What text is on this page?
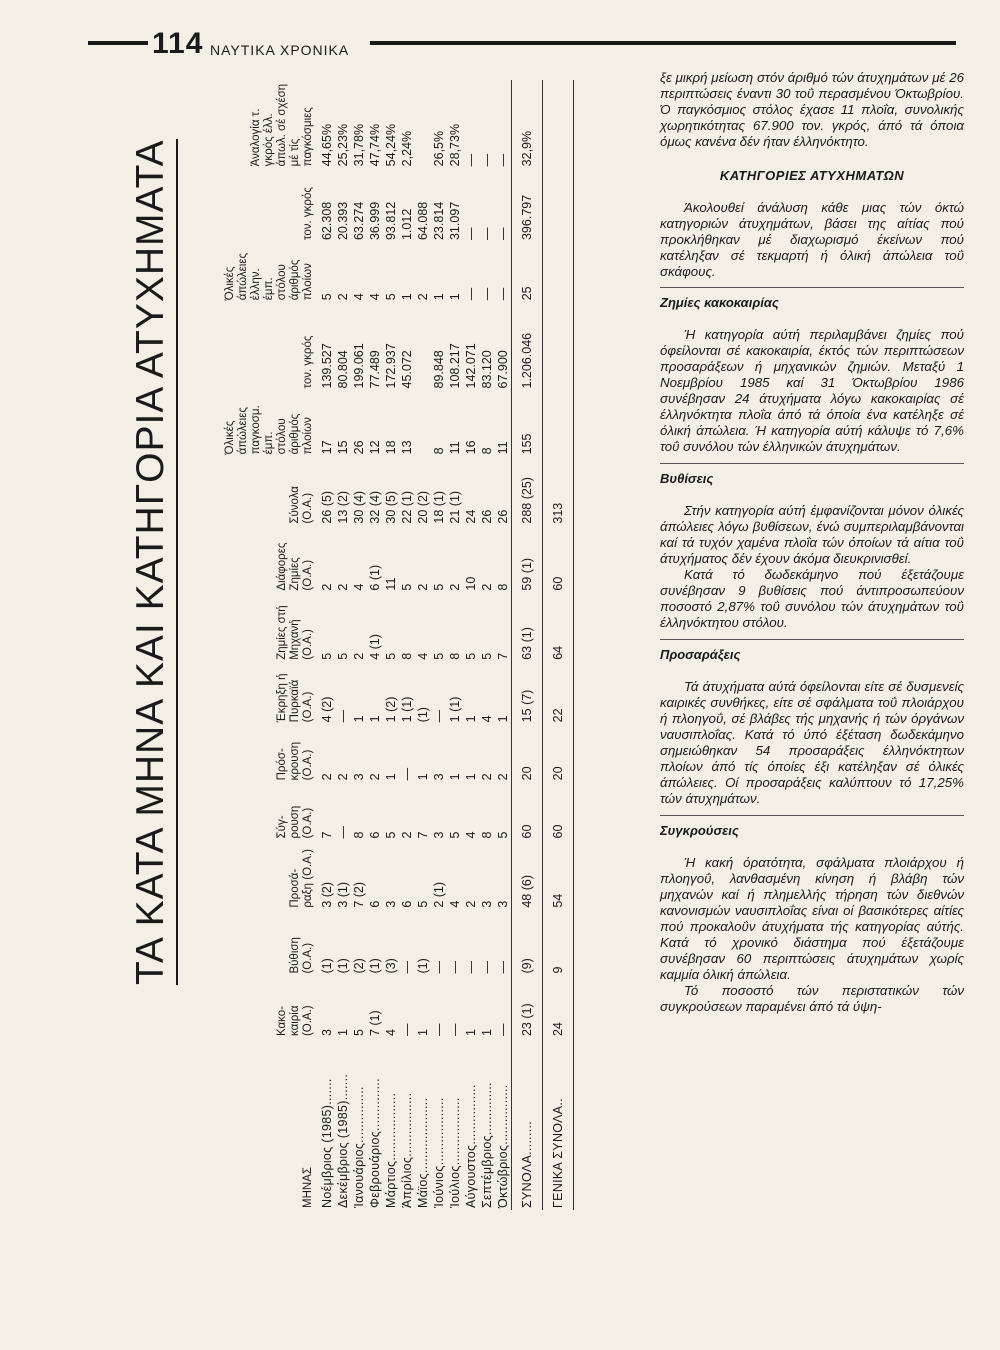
114 ΝΑΥΤΙΚΑ ΧΡΟΝΙΚΑ
ΤΑ ΚΑΤΑ ΜΗΝΑ ΚΑΙ ΚΑΤΗΓΟΡΙΑ ΑΤΥΧΗΜΑΤΑ
ΜΗΝΑΣ	Κακο- καιρία (Ο.Α.)	Βύθιση (Ο.Α.)	Προσά- ραξη (Ο.Α.)	Σύγ- ρουση (Ο.Α.)	Πρόσ- κρουση (Ο.Α.)	Έκρηξη ή Πυρκαϊά (Ο.Α.)	Ζημίες στή Μηχανή (Ο.Α.)	Διάφορες Ζημίες (Ο.Α.)	Σύνολα (Ο.Α.)	Όλικές άπώλειες παγκοσμ. έμπ. στόλου άριθμός πλοίων	τον. γκρός	Όλικές άπώλειες έλλην. έμπ. στόλου άριθμός πλοίων	τον. γκρός	Άναλογία τ. γκρός έλλ. άπωλ. σέ σχέση μέ τίς παγκόσμιες
Νοέμβριος (1985).......	3	(1)	3 (2)	7	2	4 (2)	5	2	26 (5)	17	139.527	5	62.308	44,65%
Δεκέμβριος (1985).......	1	(1)	3 (1)	—	2	—	5	2	13 (2)	15	80.804	2	20.393	25,23%
Ίανουάριος...............	5	(2)	7 (2)	8	3	1	2	4	30 (4)	26	199.061	4	63.274	31,78%
Φεβρουάριος..............	7 (1)	(1)	6	6	2	1	4 (1)	6 (1)	32 (4)	12	77.489	4	36.999	47,74%
Μάρτιος..................	4	(3)	3	5	1	1 (2)	5	11	30 (5)	18	172.937	5	93.812	54,24%
Άπρίλιος.................	—	—	6	2	—	1 (1)	8	5	22 (1)	13	45.072	1	1.012	2,24%
Μάϊος....................	1	(1)	5	7	1	(1)	4	2	20 (2)			2	64.088	
Ίούνιος..................	—	—	2 (1)	3	3	—	5	5	18 (1)	8	89.848	1	23.814	26,5%
Ίούλιος..................	—	—	4	5	1	1 (1)	8	2	21 (1)	11	108.217	1	31.097	28,73%
Αύγουστος................	1	—	2	4	1	1	5	10	24	16	142.071	—	—	—
Σεπτέμβριος..............	1	—	3	8	2	4	5	2	26	8	83.120	—	—	—
Όκτώβριος................	—	—	3	5	2	1	7	8	26	11	67.900	—	—	—
ΣΥΝΟΛΑ.........	23 (1)	(9)	48 (6)	60	20	15 (7)	63 (1)	59 (1)	288 (25)	155	1.206.046	25	396.797	32,9%
ΓΕΝΙΚΑ ΣΥΝΟΛΑ..	24	9	54	60	20	22	64	60	313					

ξε μικρή μείωση στόν άριθμό τών άτυχημάτων μέ 26 περιπτώσεις έναντι 30 τοΰ περασμένου Όκτωβρίου. Ό παγκόσμιος στόλος έχασε 11 πλοΐα, συνολικής χωρητικότητας 67.900 τον. γκρός, άπό τά όποια όμως κανένα δέν ήταν έλληνόκτητο.

ΚΑΤΗΓΟΡΙΕΣ ΑΤΥΧΗΜΑΤΩΝ

Άκολουθεί άνάλυση κάθε μιας τών όκτώ κατηγοριών άτυχημάτων, βάσει της αίτίας πού προκλήθηκαν μέ διαχωρισμό έκείνων πού κατέληξαν σέ τεκμαρτή ή όλική άπώλεια τοΰ σκάφους.

Ζημίες κακοκαιρίας

Ή κατηγορία αύτή περιλαμβάνει ζημίες πού όφείλονται σέ κακοκαιρία, έκτός τών περιπτώσεων προσαράξεων ή μηχανικών ζημιών. Μεταξύ 1 Νοεμβρίου 1985 καί 31 Όκτωβρίου 1986 συνέβησαν 24 άτυχήματα λόγω κακοκαιρίας σέ έλληνόκτητα πλοΐα άπό τά όποία ένα κατέληξε σέ όλική άπώλεια. Ή κατηγορία αύτή κάλυψε τό 7,6% τοΰ συνόλου τών έλληνικών άτυχημάτων.

Βυθίσεις

Στήν κατηγορία αύτή έμφανίζονται μόνον όλικές άπώλειες λόγω βυθίσεων, ένώ συμπεριλαμβάνονται καί τά τυχόν χαμένα πλοΐα τών όποίων τά αίτια τοΰ άτυχήματος δέν έχουν άκόμα διευκρινισθεί.

Κατά τό δωδεκάμηνο πού έξετάζουμε συνέβησαν 9 βυθίσεις πού άντιπροσωπεύουν ποσοστό 2,87% τοΰ συνόλου τών άτυχημάτων τοΰ έλληνόκτητου στόλου.

Προσαράξεις

Τά άτυχήματα αύτά όφείλονται είτε σέ δυσμενείς καιρικές συνθήκες, είτε σέ σφάλματα τοΰ πλοιάρχου ή πλοηγοΰ, σέ βλάβες τής μηχανής ή τών όργάνων ναυσιπλοΐας. Κατά τό ύπό έξέταση δωδεκάμηνο σημειώθηκαν 54 προσαράξεις έλληνόκτητων πλοίων άπό τίς όποίες έξι κατέληξαν σέ όλικές άπώλειες. Οί προσαράξεις καλύπτουν τό 17,25% τών άτυχημάτων.

Συγκρούσεις

Ή κακή όρατότητα, σφάλματα πλοιάρχου ή πλοηγοΰ, λανθασμένη κίνηση ή βλάβη τών μηχανών καί ή πλημελλής τήρηση τών διεθνών κανονισμών ναυσιπλοΐας είναι οί βασικότερες αίτίες πού προκαλοΰν άτυχήματα τής κατηγορίας αύτής. Κατά τό χρονικό διάστημα πού έξετάζουμε συνέβησαν 60 περιπτώσεις άτυχημάτων χωρίς καμμία όλική άπώλεια.

Τό ποσοστό τών περιστατικών τών συγκρούσεων παραμένει άπό τά ύψη-
